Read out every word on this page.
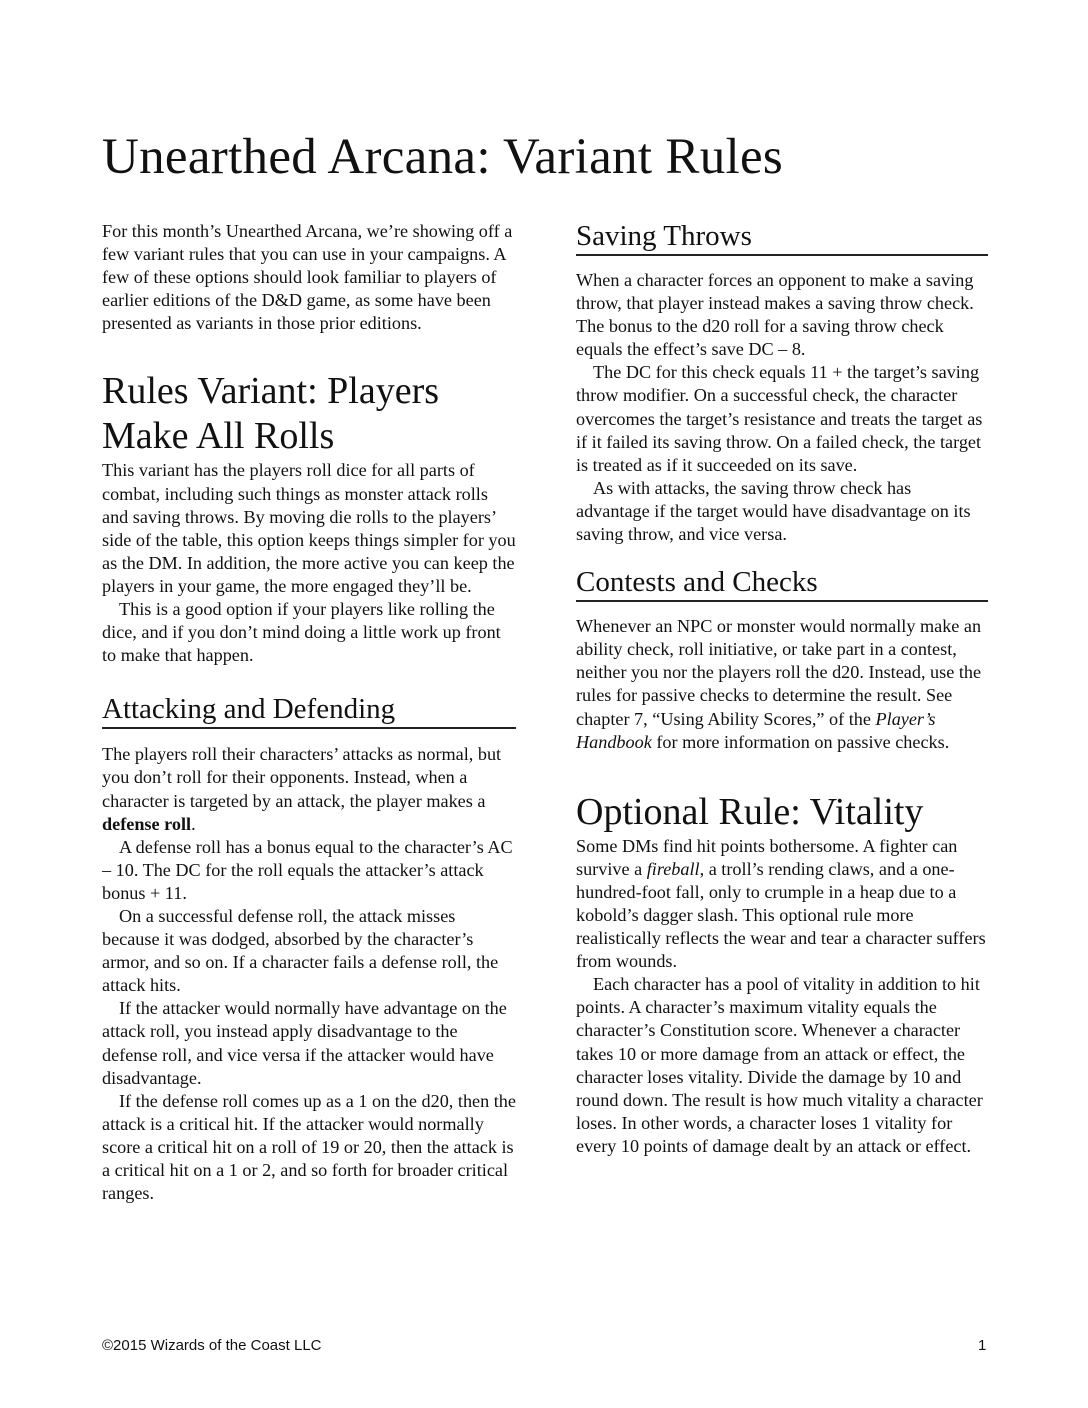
Unearthed Arcana: Variant Rules

For this month’s Unearthed Arcana, we’re showing off a few variant rules that you can use in your campaigns. A few of these options should look familiar to players of earlier editions of the D&D game, as some have been presented as variants in those prior editions.

Rules Variant: Players Make All Rolls

This variant has the players roll dice for all parts of combat, including such things as monster attack rolls and saving throws. By moving die rolls to the players’ side of the table, this option keeps things simpler for you as the DM. In addition, the more active you can keep the players in your game, the more engaged they’ll be.

This is a good option if your players like rolling the dice, and if you don’t mind doing a little work up front to make that happen.

Attacking and Defending

The players roll their characters’ attacks as normal, but you don’t roll for their opponents. Instead, when a character is targeted by an attack, the player makes a defense roll.

A defense roll has a bonus equal to the character’s AC – 10. The DC for the roll equals the attacker’s attack bonus + 11.

On a successful defense roll, the attack misses because it was dodged, absorbed by the character’s armor, and so on. If a character fails a defense roll, the attack hits.

If the attacker would normally have advantage on the attack roll, you instead apply disadvantage to the defense roll, and vice versa if the attacker would have disadvantage.

If the defense roll comes up as a 1 on the d20, then the attack is a critical hit. If the attacker would normally score a critical hit on a roll of 19 or 20, then the attack is a critical hit on a 1 or 2, and so forth for broader critical ranges.

Saving Throws

When a character forces an opponent to make a saving throw, that player instead makes a saving throw check. The bonus to the d20 roll for a saving throw check equals the effect’s save DC – 8.

The DC for this check equals 11 + the target’s saving throw modifier. On a successful check, the character overcomes the target’s resistance and treats the target as if it failed its saving throw. On a failed check, the target is treated as if it succeeded on its save.

As with attacks, the saving throw check has advantage if the target would have disadvantage on its saving throw, and vice versa.

Contests and Checks

Whenever an NPC or monster would normally make an ability check, roll initiative, or take part in a contest, neither you nor the players roll the d20. Instead, use the rules for passive checks to determine the result. See chapter 7, “Using Ability Scores,” of the Player’s Handbook for more information on passive checks.

Optional Rule: Vitality

Some DMs find hit points bothersome. A fighter can survive a fireball, a troll’s rending claws, and a one-hundred-foot fall, only to crumple in a heap due to a kobold’s dagger slash. This optional rule more realistically reflects the wear and tear a character suffers from wounds.

Each character has a pool of vitality in addition to hit points. A character’s maximum vitality equals the character’s Constitution score. Whenever a character takes 10 or more damage from an attack or effect, the character loses vitality. Divide the damage by 10 and round down. The result is how much vitality a character loses. In other words, a character loses 1 vitality for every 10 points of damage dealt by an attack or effect.

©2015 Wizards of the Coast LLC	1
